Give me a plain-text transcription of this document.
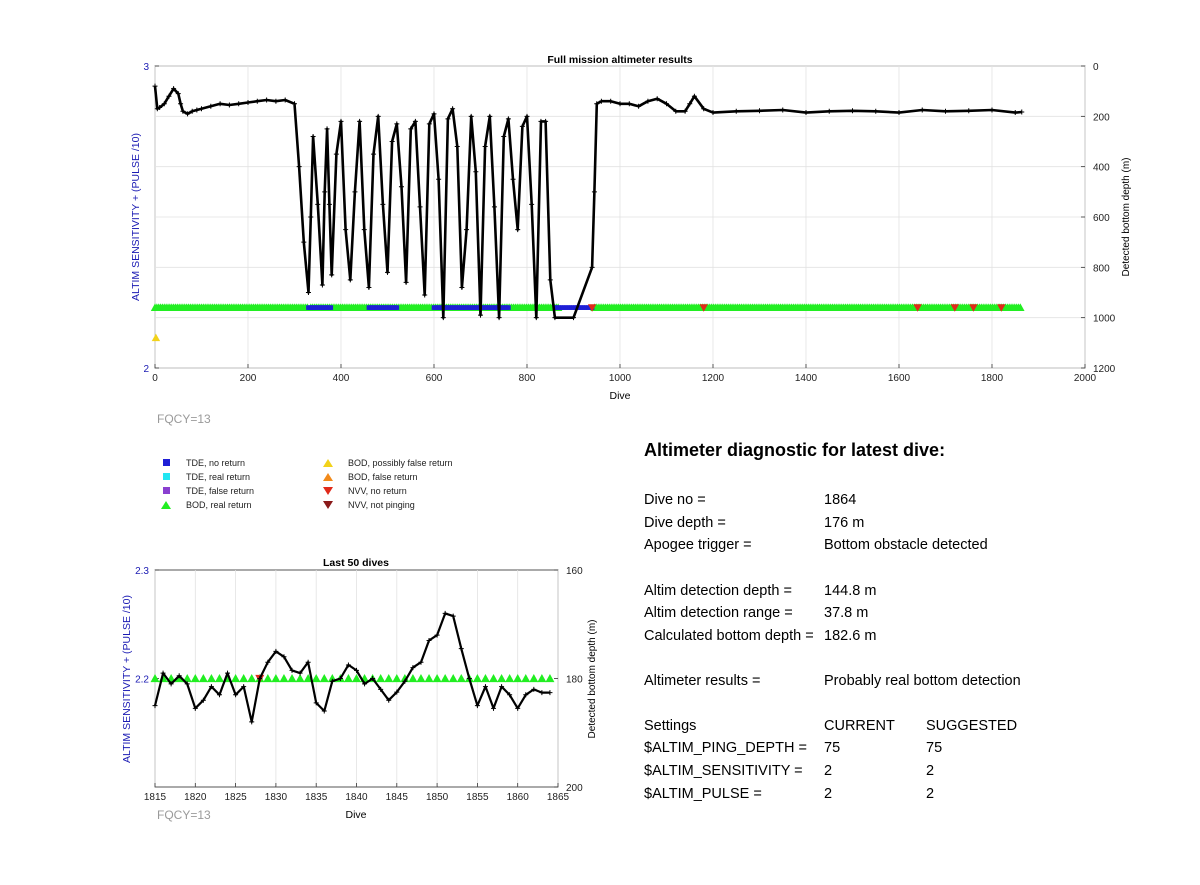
0	200	400	600	800	1000	1200	1400	1600	1800	2000
0
200
400
600
800
1000
1200
2
3
Full mission altimeter results
Dive
ALTIM SENSITIVITY + (PULSE /10)	Detected bottom depth (m)
1815 1820 1825 1830 1835 1840 1845 1850 1855 1860 1865
160
180
200
2.2
2.3
Last 50 dives
Dive
ALTIM SENSITIVITY + (PULSE /10)	Detected bottom depth (m)
FQCY=13
FQCY=13
TDE, no return
TDE, real return
TDE, false return
BOD, real return
BOD, possibly false return
BOD, false return
NVV, no return
NVV, not pinging
Altimeter diagnostic for latest dive:
Dive no =	1864
Dive depth =	176 m
Apogee trigger =	Bottom obstacle detected
Altim detection depth = 144.8 m
Altim detection range = 37.8 m
Calculated bottom depth = 182.6 m
Altimeter results =	Probably real bottom detection
Settings	CURRENT SUGGESTED
$ALTIM_PING_DEPTH = 75	75
$ALTIM_SENSITIVITY = 2	2
$ALTIM_PULSE =	2	2
